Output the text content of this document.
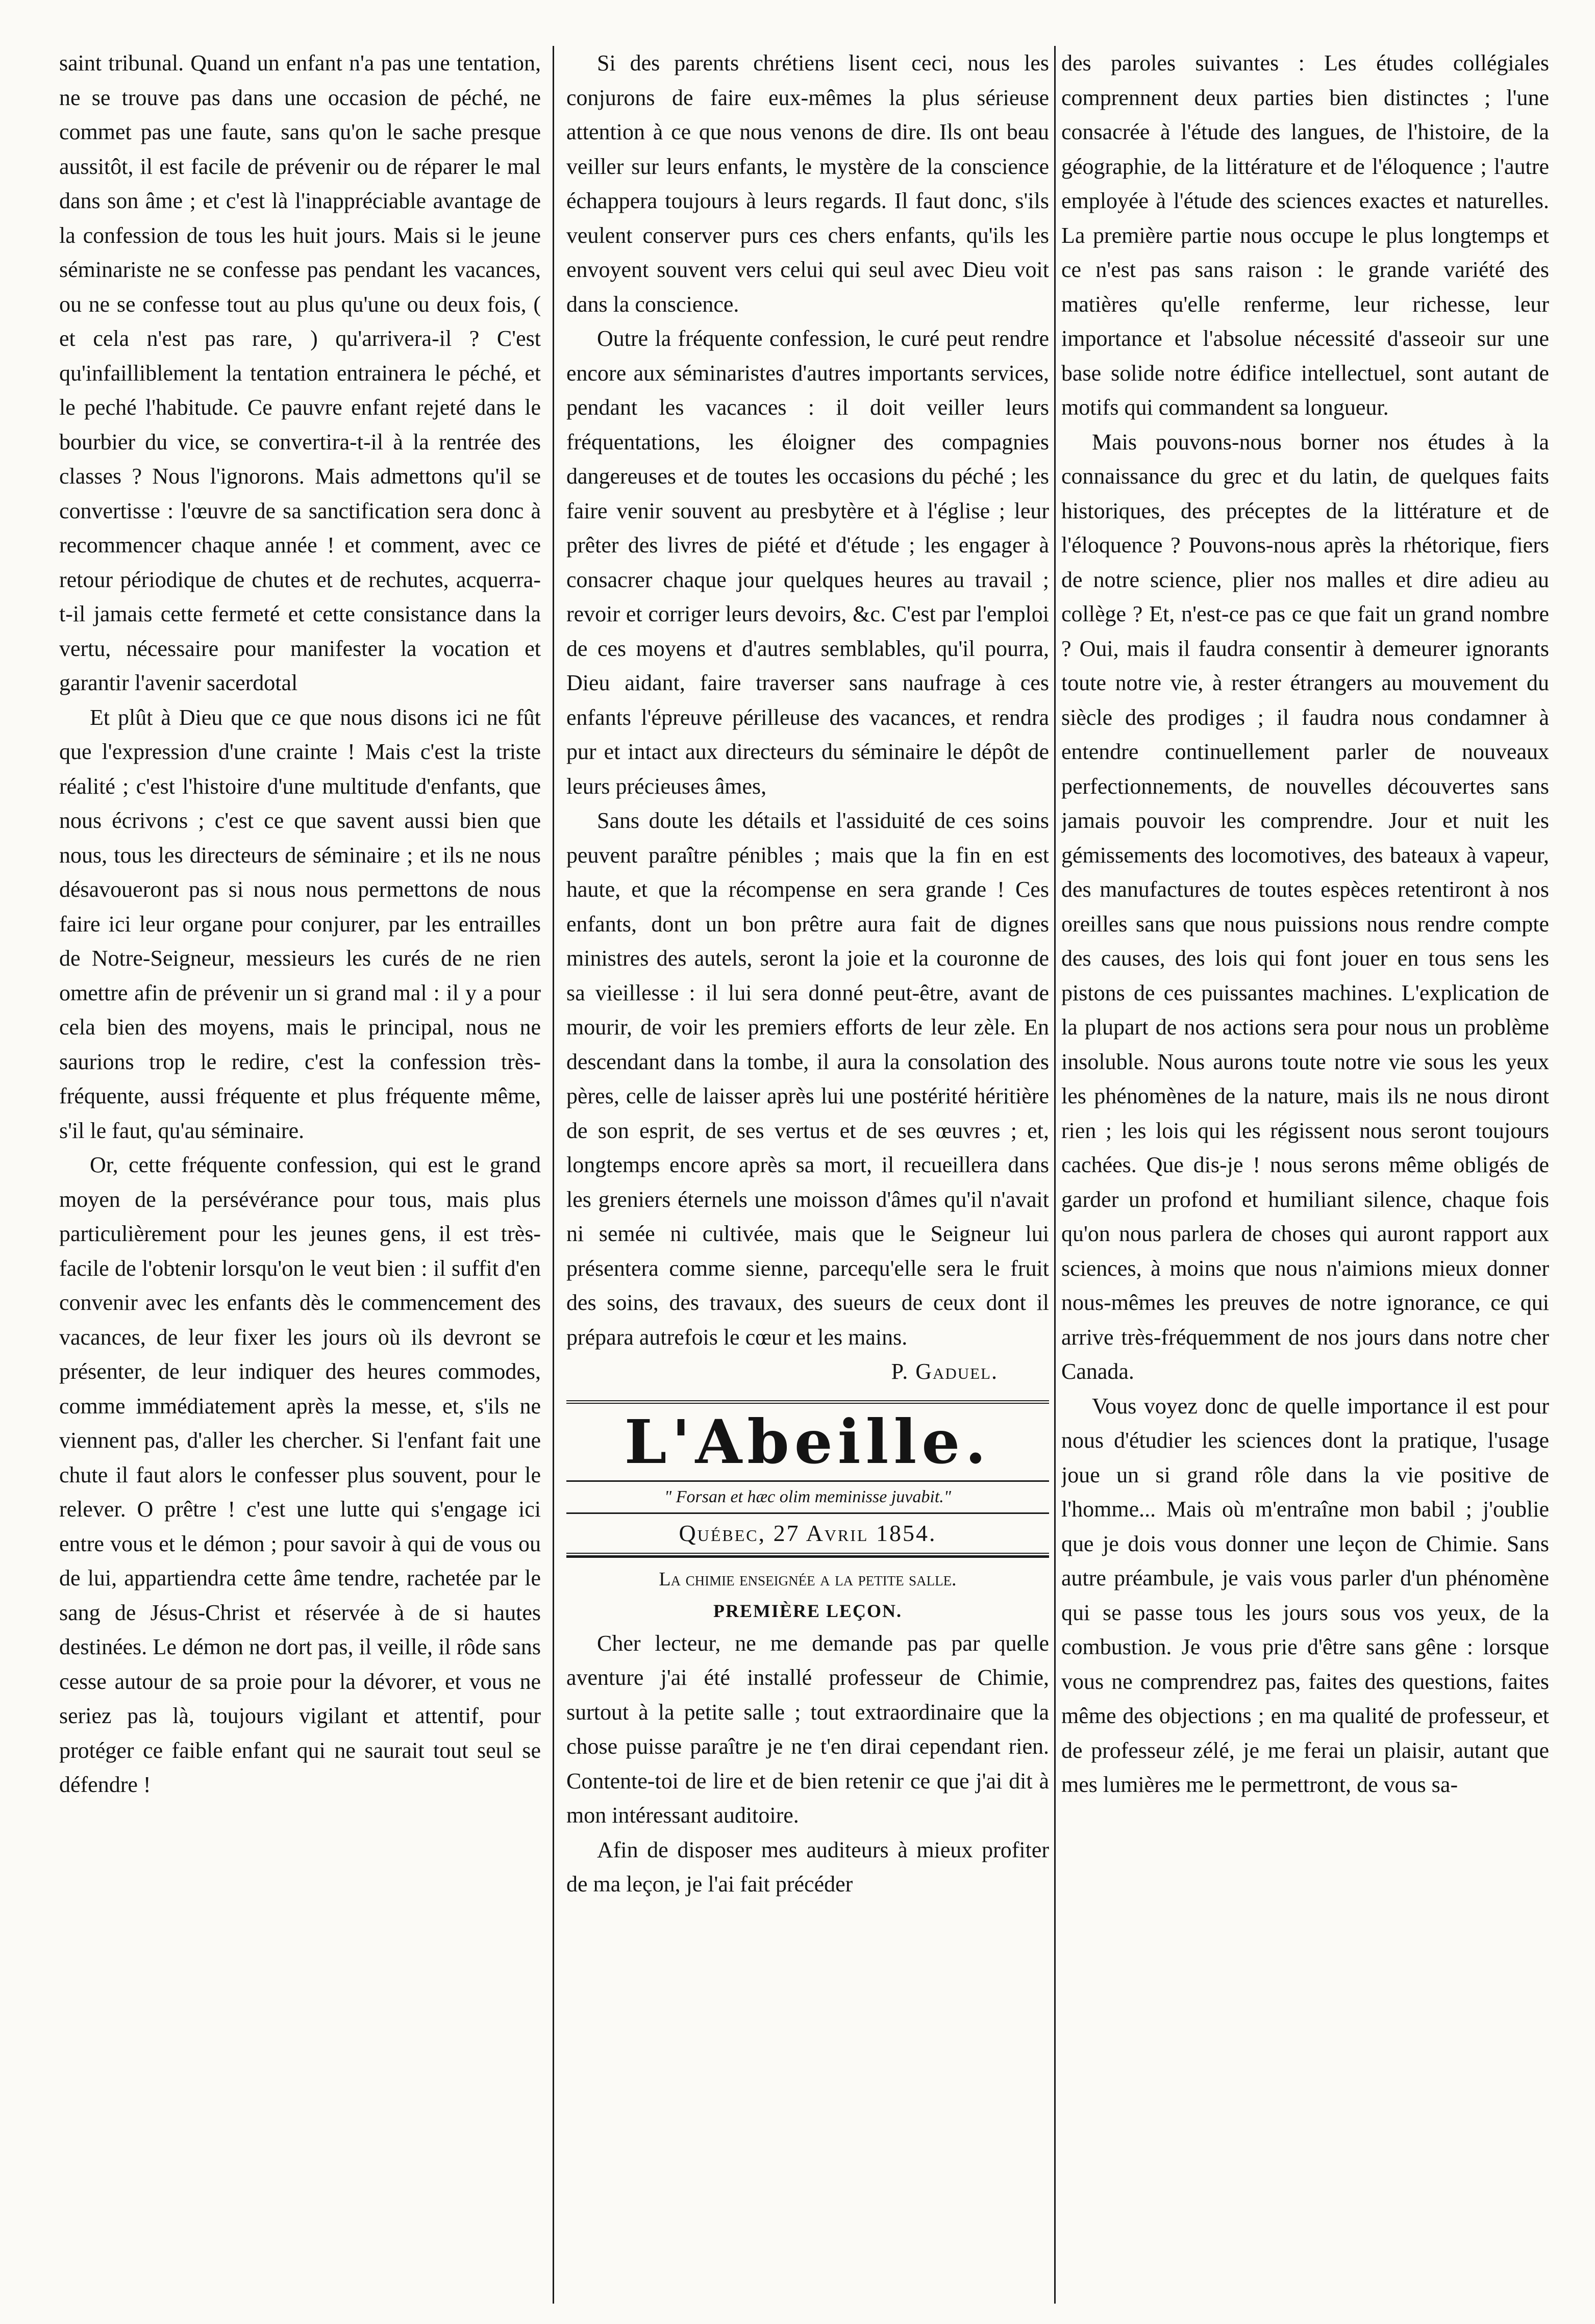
saint tribunal. Quand un enfant n'a pas une tentation, ne se trouve pas dans une occasion de péché, ne commet pas une faute, sans qu'on le sache presque aussitôt, il est facile de prévenir ou de réparer le mal dans son âme ; et c'est là l'inappréciable avantage de la confession de tous les huit jours. Mais si le jeune séminariste ne se confesse pas pendant les vacances, ou ne se confesse tout au plus qu'une ou deux fois, ( et cela n'est pas rare, ) qu'arrivera-il ? C'est qu'infailliblement la tentation entrainera le péché, et le peché l'habitude. Ce pauvre enfant rejeté dans le bourbier du vice, se convertira-t-il à la rentrée des classes ? Nous l'ignorons. Mais admettons qu'il se convertisse : l'œuvre de sa sanctification sera donc à recommencer chaque année ! et comment, avec ce retour périodique de chutes et de rechutes, acquerra-t-il jamais cette fermeté et cette consistance dans la vertu, nécessaire pour manifester la vocation et garantir l'avenir sacerdotal

Et plût à Dieu que ce que nous disons ici ne fût que l'expression d'une crainte ! Mais c'est la triste réalité ; c'est l'histoire d'une multitude d'enfants, que nous écrivons ; c'est ce que savent aussi bien que nous, tous les directeurs de séminaire ; et ils ne nous désavoueront pas si nous nous permettons de nous faire ici leur organe pour conjurer, par les entrailles de Notre-Seigneur, messieurs les curés de ne rien omettre afin de prévenir un si grand mal : il y a pour cela bien des moyens, mais le principal, nous ne saurions trop le redire, c'est la confession très-fréquente, aussi fréquente et plus fréquente même, s'il le faut, qu'au séminaire.

Or, cette fréquente confession, qui est le grand moyen de la persévérance pour tous, mais plus particulièrement pour les jeunes gens, il est très-facile de l'obtenir lorsqu'on le veut bien : il suffit d'en convenir avec les enfants dès le commencement des vacances, de leur fixer les jours où ils devront se présenter, de leur indiquer des heures commodes, comme immédiatement après la messe, et, s'ils ne viennent pas, d'aller les chercher. Si l'enfant fait une chute il faut alors le confesser plus souvent, pour le relever. O prêtre ! c'est une lutte qui s'engage ici entre vous et le démon ; pour savoir à qui de vous ou de lui, appartiendra cette âme tendre, rachetée par le sang de Jésus-Christ et réservée à de si hautes destinées. Le démon ne dort pas, il veille, il rôde sans cesse autour de sa proie pour la dévorer, et vous ne seriez pas là, toujours vigilant et attentif, pour protéger ce faible enfant qui ne saurait tout seul se défendre !

Si des parents chrétiens lisent ceci, nous les conjurons de faire eux-mêmes la plus sérieuse attention à ce que nous venons de dire. Ils ont beau veiller sur leurs enfants, le mystère de la conscience échappera toujours à leurs regards. Il faut donc, s'ils veulent conserver purs ces chers enfants, qu'ils les envoyent souvent vers celui qui seul avec Dieu voit dans la conscience.

Outre la fréquente confession, le curé peut rendre encore aux séminaristes d'autres importants services, pendant les vacances : il doit veiller leurs fréquentations, les éloigner des compagnies dangereuses et de toutes les occasions du péché ; les faire venir souvent au presbytère et à l'église ; leur prêter des livres de piété et d'étude ; les engager à consacrer chaque jour quelques heures au travail ; revoir et corriger leurs devoirs, &c. C'est par l'emploi de ces moyens et d'autres semblables, qu'il pourra, Dieu aidant, faire traverser sans naufrage à ces enfants l'épreuve périlleuse des vacances, et rendra pur et intact aux directeurs du séminaire le dépôt de leurs précieuses âmes,

Sans doute les détails et l'assiduité de ces soins peuvent paraître pénibles ; mais que la fin en est haute, et que la récompense en sera grande ! Ces enfants, dont un bon prêtre aura fait de dignes ministres des autels, seront la joie et la couronne de sa vieillesse : il lui sera donné peut-être, avant de mourir, de voir les premiers efforts de leur zèle. En descendant dans la tombe, il aura la consolation des pères, celle de laisser après lui une postérité héritière de son esprit, de ses vertus et de ses œuvres ; et, longtemps encore après sa mort, il recueillera dans les greniers éternels une moisson d'âmes qu'il n'avait ni semée ni cultivée, mais que le Seigneur lui présentera comme sienne, parcequ'elle sera le fruit des soins, des travaux, des sueurs de ceux dont il prépara autrefois le cœur et les mains.

P. Gaduel.

L'Abeille.
" Forsan et hæc olim meminisse juvabit."
Québec, 27 Avril 1854.
La chimie enseignée a la petite salle.
PREMIÈRE LEÇON.

Cher lecteur, ne me demande pas par quelle aventure j'ai été installé professeur de Chimie, surtout à la petite salle ; tout extraordinaire que la chose puisse paraître je ne t'en dirai cependant rien. Contente-toi de lire et de bien retenir ce que j'ai dit à mon intéressant auditoire.

Afin de disposer mes auditeurs à mieux profiter de ma leçon, je l'ai fait précéder

des paroles suivantes : Les études collégiales comprennent deux parties bien distinctes ; l'une consacrée à l'étude des langues, de l'histoire, de la géographie, de la littérature et de l'éloquence ; l'autre employée à l'étude des sciences exactes et naturelles. La première partie nous occupe le plus longtemps et ce n'est pas sans raison : le grande variété des matières qu'elle renferme, leur richesse, leur importance et l'absolue nécessité d'asseoir sur une base solide notre édifice intellectuel, sont autant de motifs qui commandent sa longueur.

Mais pouvons-nous borner nos études à la connaissance du grec et du latin, de quelques faits historiques, des préceptes de la littérature et de l'éloquence ? Pouvons-nous après la rhétorique, fiers de notre science, plier nos malles et dire adieu au collège ? Et, n'est-ce pas ce que fait un grand nombre ? Oui, mais il faudra consentir à demeurer ignorants toute notre vie, à rester étrangers au mouvement du siècle des prodiges ; il faudra nous condamner à entendre continuellement parler de nouveaux perfectionnements, de nouvelles découvertes sans jamais pouvoir les comprendre. Jour et nuit les gémissements des locomotives, des bateaux à vapeur, des manufactures de toutes espèces retentiront à nos oreilles sans que nous puissions nous rendre compte des causes, des lois qui font jouer en tous sens les pistons de ces puissantes machines. L'explication de la plupart de nos actions sera pour nous un problème insoluble. Nous aurons toute notre vie sous les yeux les phénomènes de la nature, mais ils ne nous diront rien ; les lois qui les régissent nous seront toujours cachées. Que dis-je ! nous serons même obligés de garder un profond et humiliant silence, chaque fois qu'on nous parlera de choses qui auront rapport aux sciences, à moins que nous n'aimions mieux donner nous-mêmes les preuves de notre ignorance, ce qui arrive très-fréquemment de nos jours dans notre cher Canada.

Vous voyez donc de quelle importance il est pour nous d'étudier les sciences dont la pratique, l'usage joue un si grand rôle dans la vie positive de l'homme... Mais où m'entraîne mon babil ; j'oublie que je dois vous donner une leçon de Chimie. Sans autre préambule, je vais vous parler d'un phénomène qui se passe tous les jours sous vos yeux, de la combustion. Je vous prie d'être sans gêne : lorsque vous ne comprendrez pas, faites des questions, faites même des objections ; en ma qualité de professeur, et de professeur zélé, je me ferai un plaisir, autant que mes lumières me le permettront, de vous sa-
